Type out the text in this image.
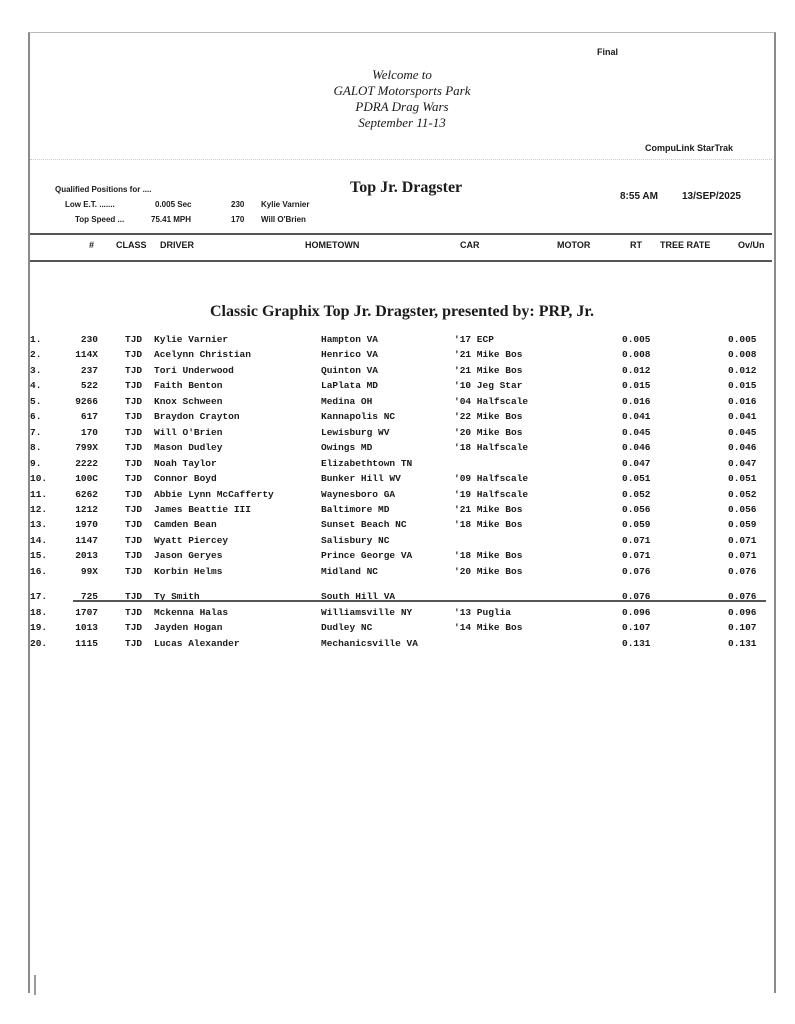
Final
Welcome to
GALOT Motorsports Park
PDRA Drag Wars
September 11-13
CompuLink StarTrak
Top Jr. Dragster
Qualified Positions for ....
Low E.T. .......	0.005 Sec	230 Kylie Varnier
Top Speed ...	75.41 MPH	170 Will O'Brien
8:55 AM 13/SEP/2025
# CLASS DRIVER	HOMETOWN	CAR	MOTOR	RT TREE RATE	Ov/Un
Classic Graphix Top Jr. Dragster, presented by: PRP, Jr.
1.	230	TJD Kylie Varnier	Hampton VA	'17 ECP	0.005	0.005
2.	114X	TJD Acelynn Christian	Henrico VA	'21 Mike Bos	0.008	0.008
3.	237	TJD Tori Underwood	Quinton VA	'21 Mike Bos	0.012	0.012
4.	522	TJD Faith Benton	LaPlata MD	'10 Jeg Star	0.015	0.015
5.	9266	TJD Knox Schween	Medina OH	'04 Halfscale	0.016	0.016
6.	617	TJD Braydon Crayton	Kannapolis NC	'22 Mike Bos	0.041	0.041
7.	170	TJD Will O'Brien	Lewisburg WV	'20 Mike Bos	0.045	0.045
8.	799X	TJD Mason Dudley	Owings MD	'18 Halfscale	0.046	0.046
9.	2222	TJD Noah Taylor	Elizabethtown TN	0.047	0.047
10.	100C	TJD Connor Boyd	Bunker Hill WV	'09 Halfscale	0.051	0.051
11.	6262	TJD Abbie Lynn McCafferty	Waynesboro GA	'19 Halfscale	0.052	0.052
12.	1212	TJD James Beattie III	Baltimore MD	'21 Mike Bos	0.056	0.056
13.	1970	TJD Camden Bean	Sunset Beach NC	'18 Mike Bos	0.059	0.059
14.	1147	TJD Wyatt Piercey	Salisbury NC	0.071	0.071
15.	2013	TJD Jason Geryes	Prince George VA	'18 Mike Bos	0.071	0.071
16.	99X	TJD Korbin Helms	Midland NC	'20 Mike Bos	0.076	0.076
17.	725	TJD Ty Smith	South Hill VA	0.076	0.076
18.	1707	TJD Mckenna Halas	Williamsville NY	'13 Puglia	0.096	0.096
19.	1013	TJD Jayden Hogan	Dudley NC	'14 Mike Bos	0.107	0.107
20.	1115	TJD Lucas Alexander	Mechanicsville VA	0.131	0.131
